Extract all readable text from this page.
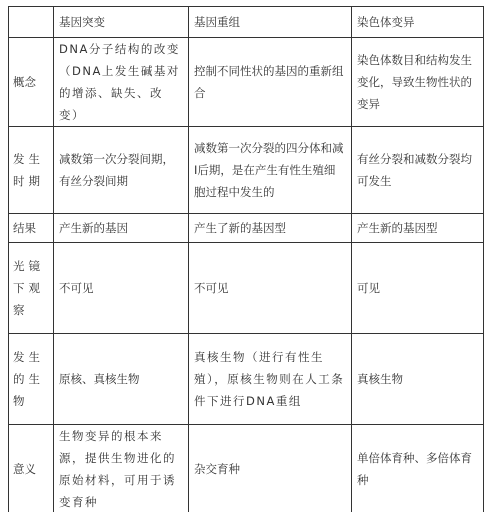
	基因突变	基因重组	染色体变异
概念	DNA分子结构的改变（DNA上发生碱基对的增添、缺失、改变）	控制不同性状的基因的重新组合	染色体数目和结构发生变化，导致生物性状的变异
发生时期	减数第一次分裂间期，有丝分裂间期	减数第一次分裂的四分体和减I后期，是在产生有性生殖细胞过程中发生的	有丝分裂和减数分裂均可发生
结果	产生新的基因	产生了新的基因型	产生新的基因型
光镜下观察	不可见	不可见	可见
发生的生物	原核、真核生物	真核生物（进行有性生殖），原核生物则在人工条件下进行DNA重组	真核生物
意义	生物变异的根本来源，提供生物进化的原始材料，可用于诱变育种	杂交育种	单倍体育种、多倍体育种
